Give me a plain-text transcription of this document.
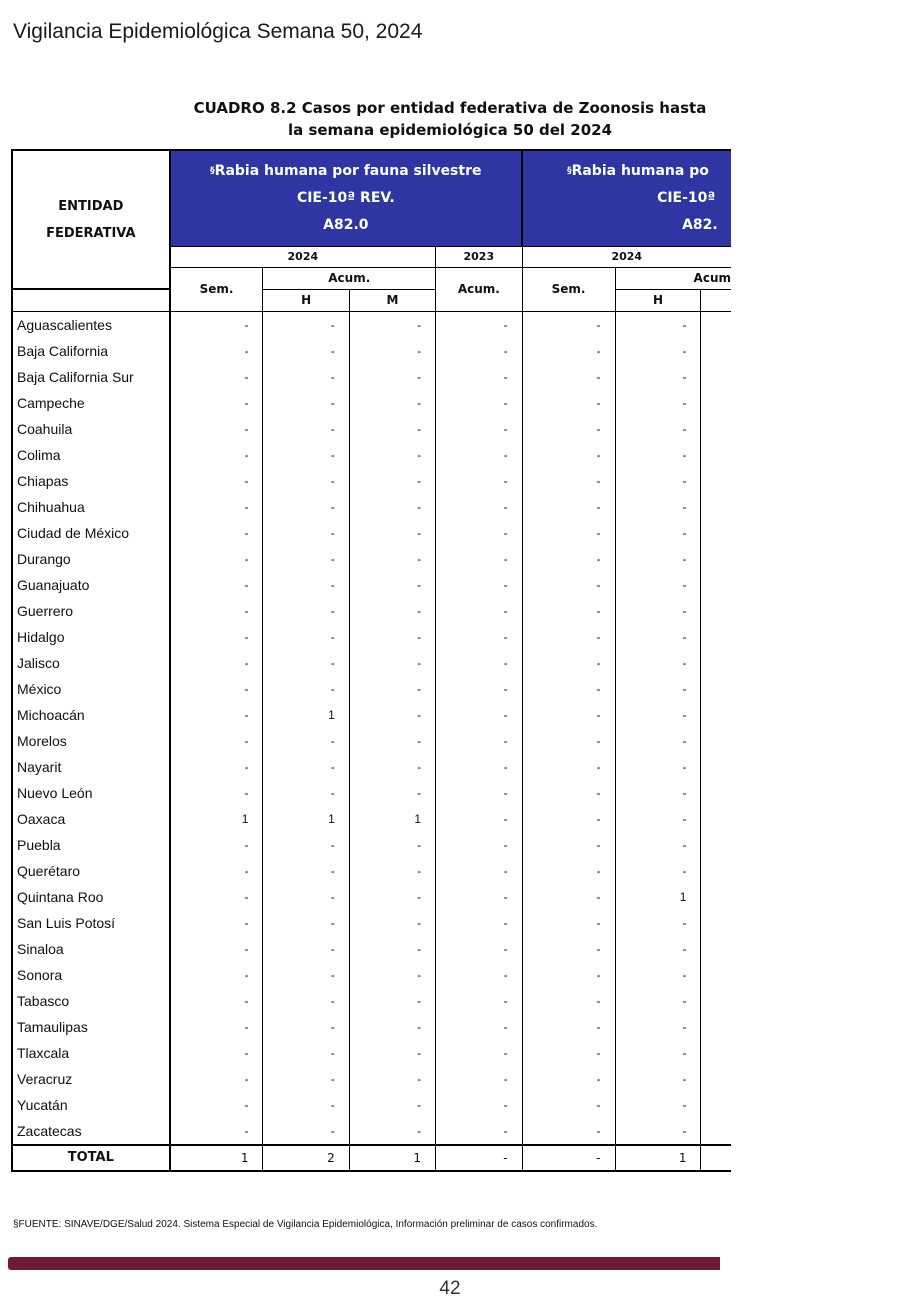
Vigilancia Epidemiológica Semana 50, 2024
CUADRO 8.2 Casos por entidad federativa de Zoonosis hasta
la semana epidemiológica 50 del 2024
ENTIDAD
FEDERATIVA	§Rabia humana por fauna silvestre
CIE-10ª REV.
A82.0				§Rabia humana po
CIE-10ª
A82.		
	2024			2023	2024		
	Sem.	Acum.		Acum.	Sem.	Acum	
		H	M			H	
Aguascalientes	-	-	-	-	-	-	
Baja California	-	-	-	-	-	-	
Baja California Sur	-	-	-	-	-	-	
Campeche	-	-	-	-	-	-	
Coahuila	-	-	-	-	-	-	
Colima	-	-	-	-	-	-	
Chiapas	-	-	-	-	-	-	
Chihuahua	-	-	-	-	-	-	
Ciudad de México	-	-	-	-	-	-	
Durango	-	-	-	-	-	-	
Guanajuato	-	-	-	-	-	-	
Guerrero	-	-	-	-	-	-	
Hidalgo	-	-	-	-	-	-	
Jalisco	-	-	-	-	-	-	
México	-	-	-	-	-	-	
Michoacán	-	1	-	-	-	-	
Morelos	-	-	-	-	-	-	
Nayarit	-	-	-	-	-	-	
Nuevo León	-	-	-	-	-	-	
Oaxaca	1	1	1	-	-	-	
Puebla	-	-	-	-	-	-	
Querétaro	-	-	-	-	-	-	
Quintana Roo	-	-	-	-	-	1	
San Luis Potosí	-	-	-	-	-	-	
Sinaloa	-	-	-	-	-	-	
Sonora	-	-	-	-	-	-	
Tabasco	-	-	-	-	-	-	
Tamaulipas	-	-	-	-	-	-	
Tlaxcala	-	-	-	-	-	-	
Veracruz	-	-	-	-	-	-	
Yucatán	-	-	-	-	-	-	
Zacatecas	-	-	-	-	-	-	
TOTAL	1	2	1	-	-	1	
§FUENTE: SINAVE/DGE/Salud 2024. Sistema Especial de Vigilancia Epidemiológica, Información preliminar de casos confirmados.
42
